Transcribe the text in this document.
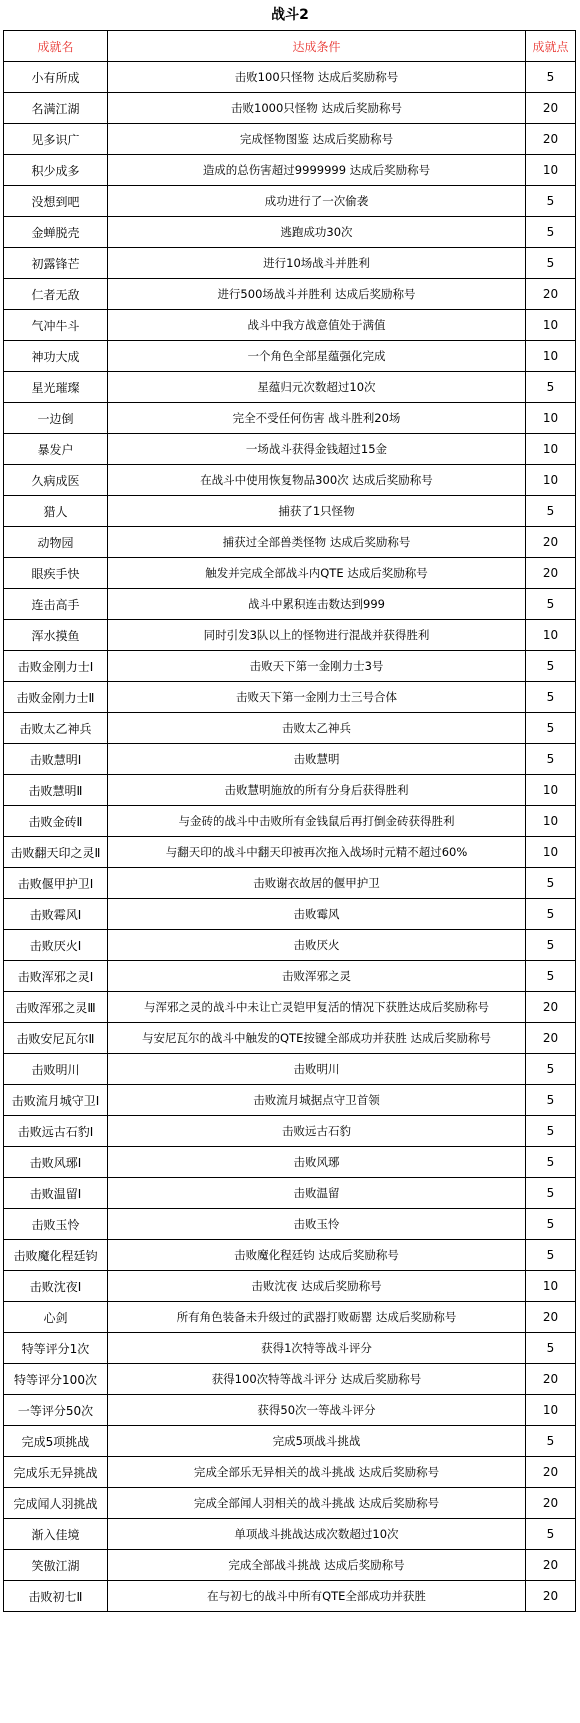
战斗2
成就名	达成条件	成就点
小有所成	击败100只怪物 达成后奖励称号	5
名满江湖	击败1000只怪物 达成后奖励称号	20
见多识广	完成怪物图鉴 达成后奖励称号	20
积少成多	造成的总伤害超过9999999 达成后奖励称号	10
没想到吧	成功进行了一次偷袭	5
金蝉脱壳	逃跑成功30次	5
初露锋芒	进行10场战斗并胜利	5
仁者无敌	进行500场战斗并胜利 达成后奖励称号	20
气冲牛斗	战斗中我方战意值处于满值	10
神功大成	一个角色全部星蕴强化完成	10
星光璀璨	星蕴归元次数超过10次	5
一边倒	完全不受任何伤害 战斗胜利20场	10
暴发户	一场战斗获得金钱超过15金	10
久病成医	在战斗中使用恢复物品300次 达成后奖励称号	10
猎人	捕获了1只怪物	5
动物园	捕获过全部兽类怪物 达成后奖励称号	20
眼疾手快	触发并完成全部战斗内QTE 达成后奖励称号	20
连击高手	战斗中累积连击数达到999	5
浑水摸鱼	同时引发3队以上的怪物进行混战并获得胜利	10
击败金刚力士Ⅰ	击败天下第一金刚力士3号	5
击败金刚力士Ⅱ	击败天下第一金刚力士三号合体	5
击败太乙神兵	击败太乙神兵	5
击败慧明Ⅰ	击败慧明	5
击败慧明Ⅱ	击败慧明施放的所有分身后获得胜利	10
击败金砖Ⅱ	与金砖的战斗中击败所有金钱鼠后再打倒金砖获得胜利	10
击败翻天印之灵Ⅱ	与翻天印的战斗中翻天印被再次拖入战场时元精不超过60%	10
击败偃甲护卫Ⅰ	击败谢衣故居的偃甲护卫	5
击败霉风Ⅰ	击败霉风	5
击败厌火Ⅰ	击败厌火	5
击败浑邪之灵Ⅰ	击败浑邪之灵	5
击败浑邪之灵Ⅲ	与浑邪之灵的战斗中未让亡灵铠甲复活的情况下获胜达成后奖励称号	20
击败安尼瓦尔Ⅱ	与安尼瓦尔的战斗中触发的QTE按键全部成功并获胜 达成后奖励称号	20
击败明川	击败明川	5
击败流月城守卫Ⅰ	击败流月城据点守卫首领	5
击败远古石豹Ⅰ	击败远古石豹	5
击败风琊Ⅰ	击败风琊	5
击败温留Ⅰ	击败温留	5
击败玉怜	击败玉怜	5
击败魔化程廷钧	击败魔化程廷钧 达成后奖励称号	5
击败沈夜Ⅰ	击败沈夜 达成后奖励称号	10
心剑	所有角色装备未升级过的武器打败砺罂 达成后奖励称号	20
特等评分1次	获得1次特等战斗评分	5
特等评分100次	获得100次特等战斗评分 达成后奖励称号	20
一等评分50次	获得50次一等战斗评分	10
完成5项挑战	完成5项战斗挑战	5
完成乐无异挑战	完成全部乐无异相关的战斗挑战 达成后奖励称号	20
完成闻人羽挑战	完成全部闻人羽相关的战斗挑战 达成后奖励称号	20
渐入佳境	单项战斗挑战达成次数超过10次	5
笑傲江湖	完成全部战斗挑战 达成后奖励称号	20
击败初七Ⅱ	在与初七的战斗中所有QTE全部成功并获胜	20
